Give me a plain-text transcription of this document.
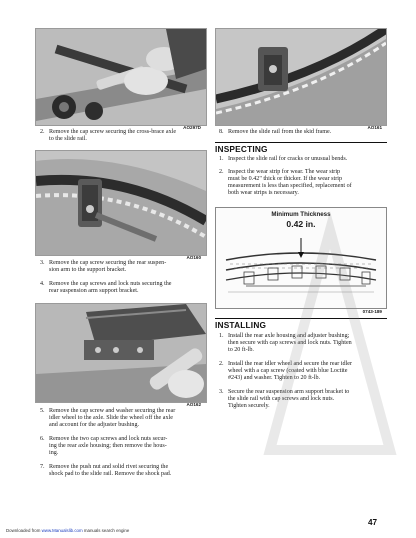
AO297D
2. Remove the cap screw securing the cross-brace axle
to the slide rail.
AO160
3. Remove the cap screw securing the rear suspen-
sion arm to the support bracket.
4. Remove the cap screws and lock nuts securing the
rear suspension arm support bracket.
AO162
5. Remove the cap screw and washer securing the rear
idler wheel to the axle. Slide the wheel off the axle
and account for the adjuster bushing.
6. Remove the two cap screws and lock nuts secur-
ing the rear axle housing; then remove the hous-
ing.
7. Remove the push nut and solid rivet securing the
shock pad to the slide rail. Remove the shock pad.
AO161
8. Remove the slide rail from the skid frame.
INSPECTING
1. Inspect the slide rail for cracks or unusual bends.
2. Inspect the wear strip for wear. The wear strip
must be 0.42" thick or thicker. If the wear strip
measurement is less than specified, replacement of
both wear strips is necessary.
Minimum Thickness
0.42 in.
0743-189
INSTALLING
1. Install the rear axle housing and adjuster bushing;
then secure with cap screws and lock nuts. Tighten
to 20 ft-lb.
2. Install the rear idler wheel and secure the rear idler
wheel with a cap screw (coated with blue Loctite
#243) and washer. Tighten to 20 ft-lb.
3. Secure the rear suspension arm support bracket to
the slide rail with cap screws and lock nuts.
Tighten securely.
Downloaded from www.Manualslib.com manuals search engine
47
